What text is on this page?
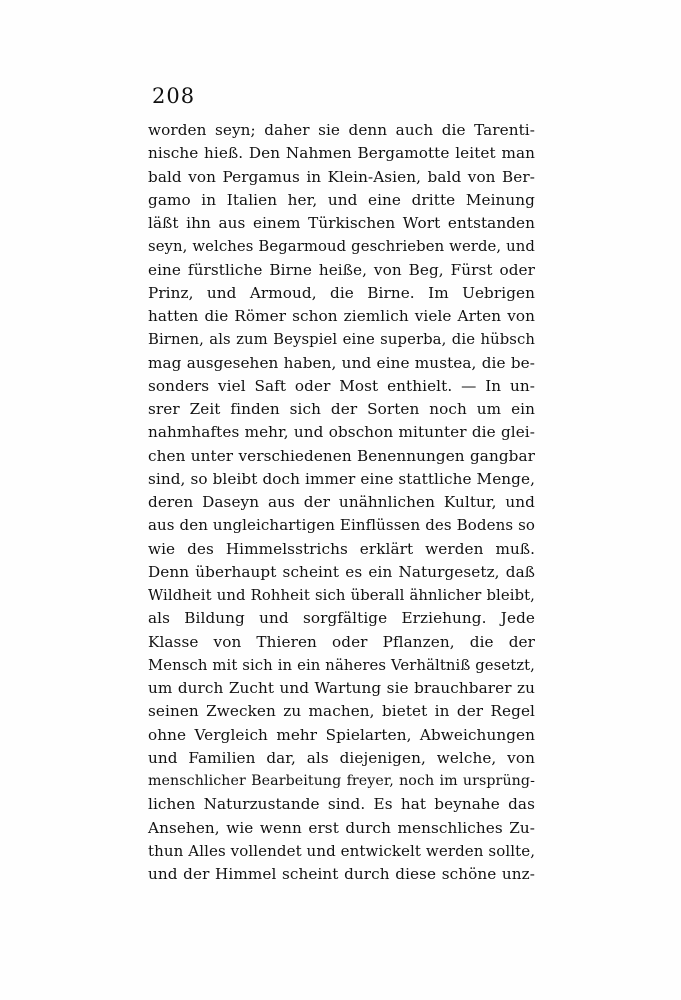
208
worden seyn; daher sie denn auch die Tarenti-
nische hieß. Den Nahmen Bergamotte leitet man
bald von Pergamus in Klein-Asien, bald von Ber-
gamo in Italien her, und eine dritte Meinung
läßt ihn aus einem Türkischen Wort entstanden
seyn, welches Begarmoud geschrieben werde, und
eine fürstliche Birne heiße, von Beg, Fürst oder
Prinz, und Armoud, die Birne. Im Uebrigen
hatten die Römer schon ziemlich viele Arten von
Birnen, als zum Beyspiel eine superba, die hübsch
mag ausgesehen haben, und eine mustea, die be-
sonders viel Saft oder Most enthielt. — In un-
srer Zeit finden sich der Sorten noch um ein
nahmhaftes mehr, und obschon mitunter die glei-
chen unter verschiedenen Benennungen gangbar
sind, so bleibt doch immer eine stattliche Menge,
deren Daseyn aus der unähnlichen Kultur, und
aus den ungleichartigen Einflüssen des Bodens so
wie des Himmelsstrichs erklärt werden muß.
Denn überhaupt scheint es ein Naturgesetz, daß
Wildheit und Rohheit sich überall ähnlicher bleibt,
als Bildung und sorgfältige Erziehung. Jede
Klasse von Thieren oder Pflanzen, die der
Mensch mit sich in ein näheres Verhältniß gesetzt,
um durch Zucht und Wartung sie brauchbarer zu
seinen Zwecken zu machen, bietet in der Regel
ohne Vergleich mehr Spielarten, Abweichungen
und Familien dar, als diejenigen, welche, von
menschlicher Bearbeitung freyer, noch im ursprüng-
lichen Naturzustande sind. Es hat beynahe das
Ansehen, wie wenn erst durch menschliches Zu-
thun Alles vollendet und entwickelt werden sollte,
und der Himmel scheint durch diese schöne unz-
